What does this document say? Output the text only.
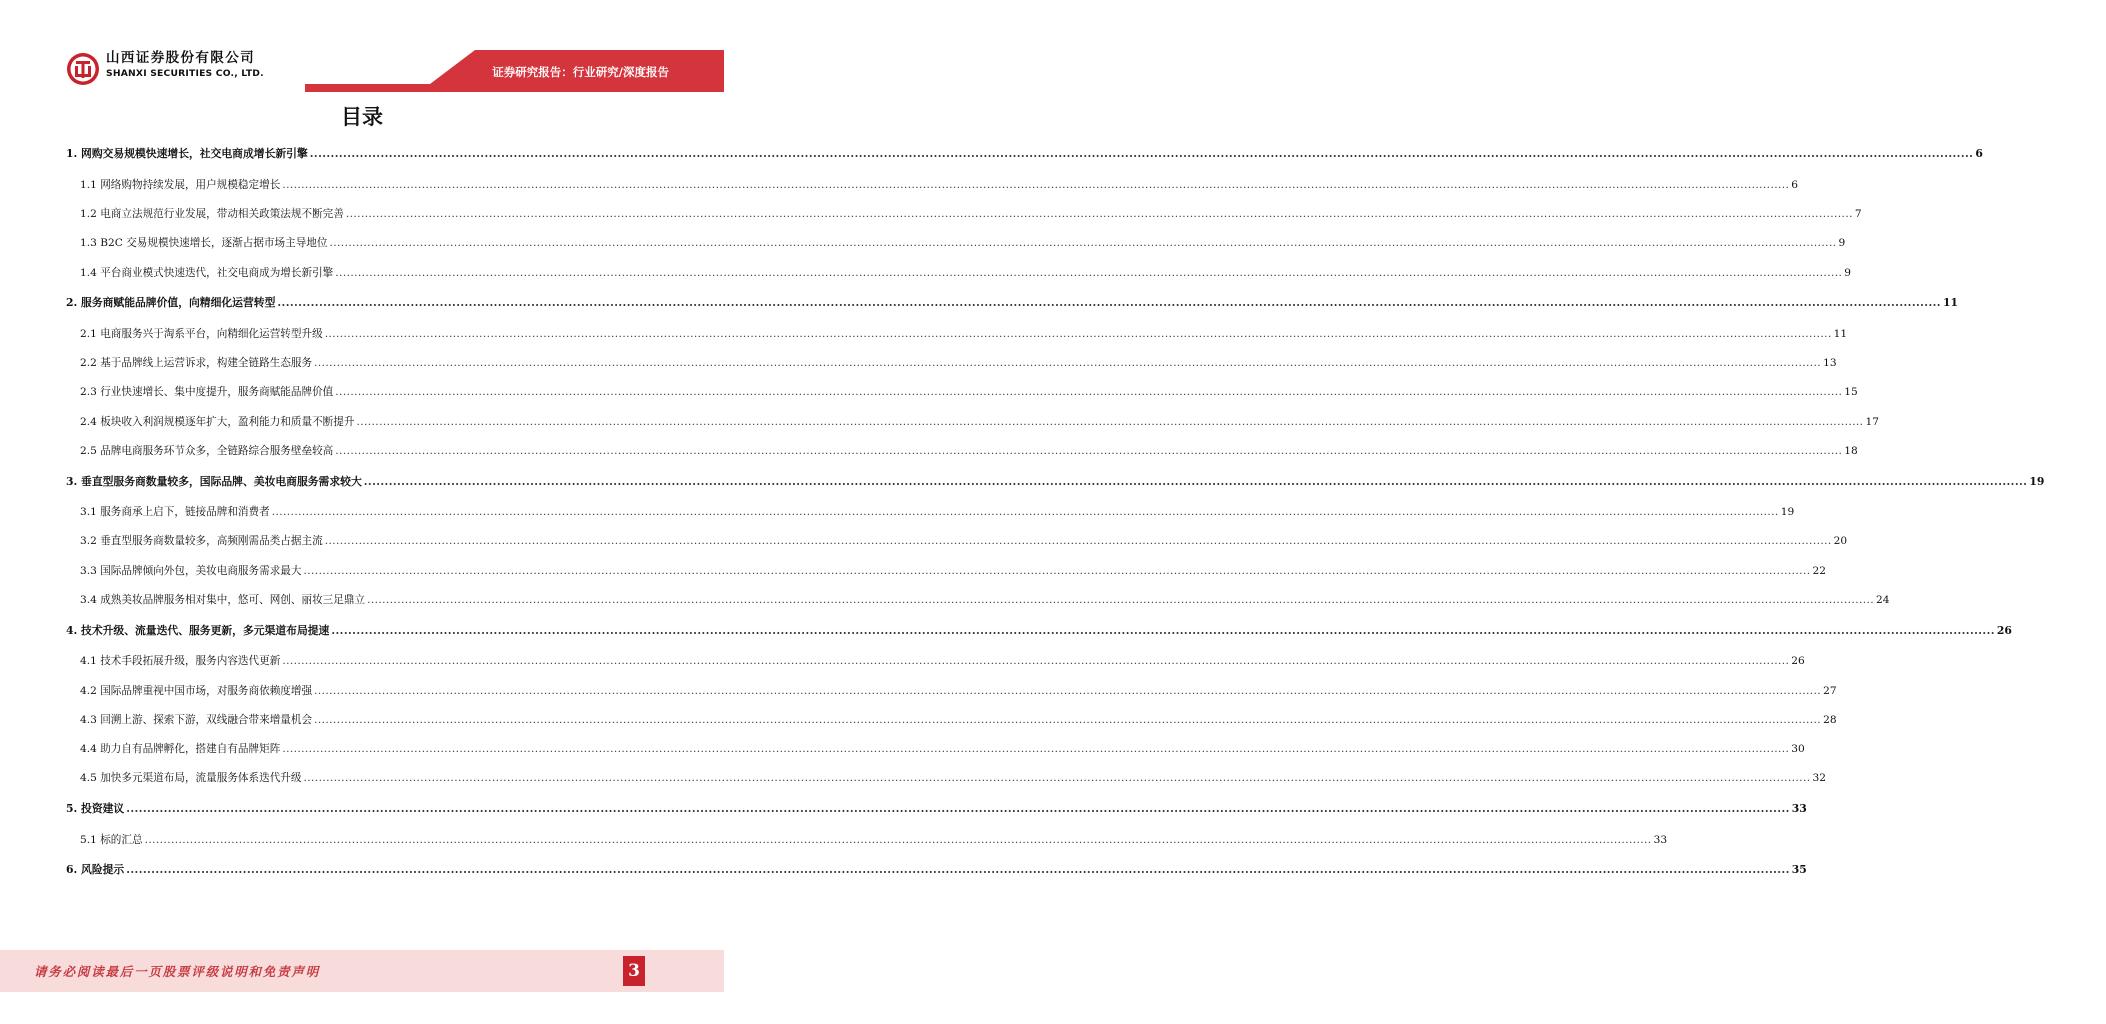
证券研究报告：行业研究/深度报告
山西证券股份有限公司
SHANXI SECURITIES CO., LTD.
目录
1. 网购交易规模快速增长，社交电商成增长新引擎 ................................................................................................................................................................................................................................................................................................................................................................................................................ 6
1.1 网络购物持续发展，用户规模稳定增长 ................................................................................................................................................................................................................................................................................................................................................................................................................ 6
1.2 电商立法规范行业发展，带动相关政策法规不断完善 ................................................................................................................................................................................................................................................................................................................................................................................................................ 7
1.3 B2C 交易规模快速增长，逐渐占据市场主导地位 ................................................................................................................................................................................................................................................................................................................................................................................................................ 9
1.4 平台商业模式快速迭代，社交电商成为增长新引擎 ................................................................................................................................................................................................................................................................................................................................................................................................................ 9
2. 服务商赋能品牌价值，向精细化运营转型 ................................................................................................................................................................................................................................................................................................................................................................................................................ 11
2.1 电商服务兴于淘系平台，向精细化运营转型升级 ................................................................................................................................................................................................................................................................................................................................................................................................................ 11
2.2 基于品牌线上运营诉求，构建全链路生态服务 ................................................................................................................................................................................................................................................................................................................................................................................................................ 13
2.3 行业快速增长、集中度提升，服务商赋能品牌价值 ................................................................................................................................................................................................................................................................................................................................................................................................................ 15
2.4 板块收入利润规模逐年扩大，盈利能力和质量不断提升 ................................................................................................................................................................................................................................................................................................................................................................................................................ 17
2.5 品牌电商服务环节众多，全链路综合服务壁垒较高 ................................................................................................................................................................................................................................................................................................................................................................................................................ 18
3. 垂直型服务商数量较多，国际品牌、美妆电商服务需求较大 ................................................................................................................................................................................................................................................................................................................................................................................................................ 19
3.1 服务商承上启下，链接品牌和消费者 ................................................................................................................................................................................................................................................................................................................................................................................................................ 19
3.2 垂直型服务商数量较多，高频刚需品类占据主流 ................................................................................................................................................................................................................................................................................................................................................................................................................ 20
3.3 国际品牌倾向外包，美妆电商服务需求最大 ................................................................................................................................................................................................................................................................................................................................................................................................................ 22
3.4 成熟美妆品牌服务相对集中，悠可、网创、丽妆三足鼎立 ................................................................................................................................................................................................................................................................................................................................................................................................................ 24
4. 技术升级、流量迭代、服务更新，多元渠道布局提速 ................................................................................................................................................................................................................................................................................................................................................................................................................ 26
4.1 技术手段拓展升级，服务内容迭代更新 ................................................................................................................................................................................................................................................................................................................................................................................................................ 26
4.2 国际品牌重视中国市场，对服务商依赖度增强 ................................................................................................................................................................................................................................................................................................................................................................................................................ 27
4.3 回溯上游、探索下游，双线融合带来增量机会 ................................................................................................................................................................................................................................................................................................................................................................................................................ 28
4.4 助力自有品牌孵化，搭建自有品牌矩阵 ................................................................................................................................................................................................................................................................................................................................................................................................................ 30
4.5 加快多元渠道布局，流量服务体系迭代升级 ................................................................................................................................................................................................................................................................................................................................................................................................................ 32
5. 投资建议 ................................................................................................................................................................................................................................................................................................................................................................................................................ 33
5.1 标的汇总 ................................................................................................................................................................................................................................................................................................................................................................................................................ 33
6. 风险提示 ................................................................................................................................................................................................................................................................................................................................................................................................................ 35
请务必阅读最后一页股票评级说明和免责声明	3
